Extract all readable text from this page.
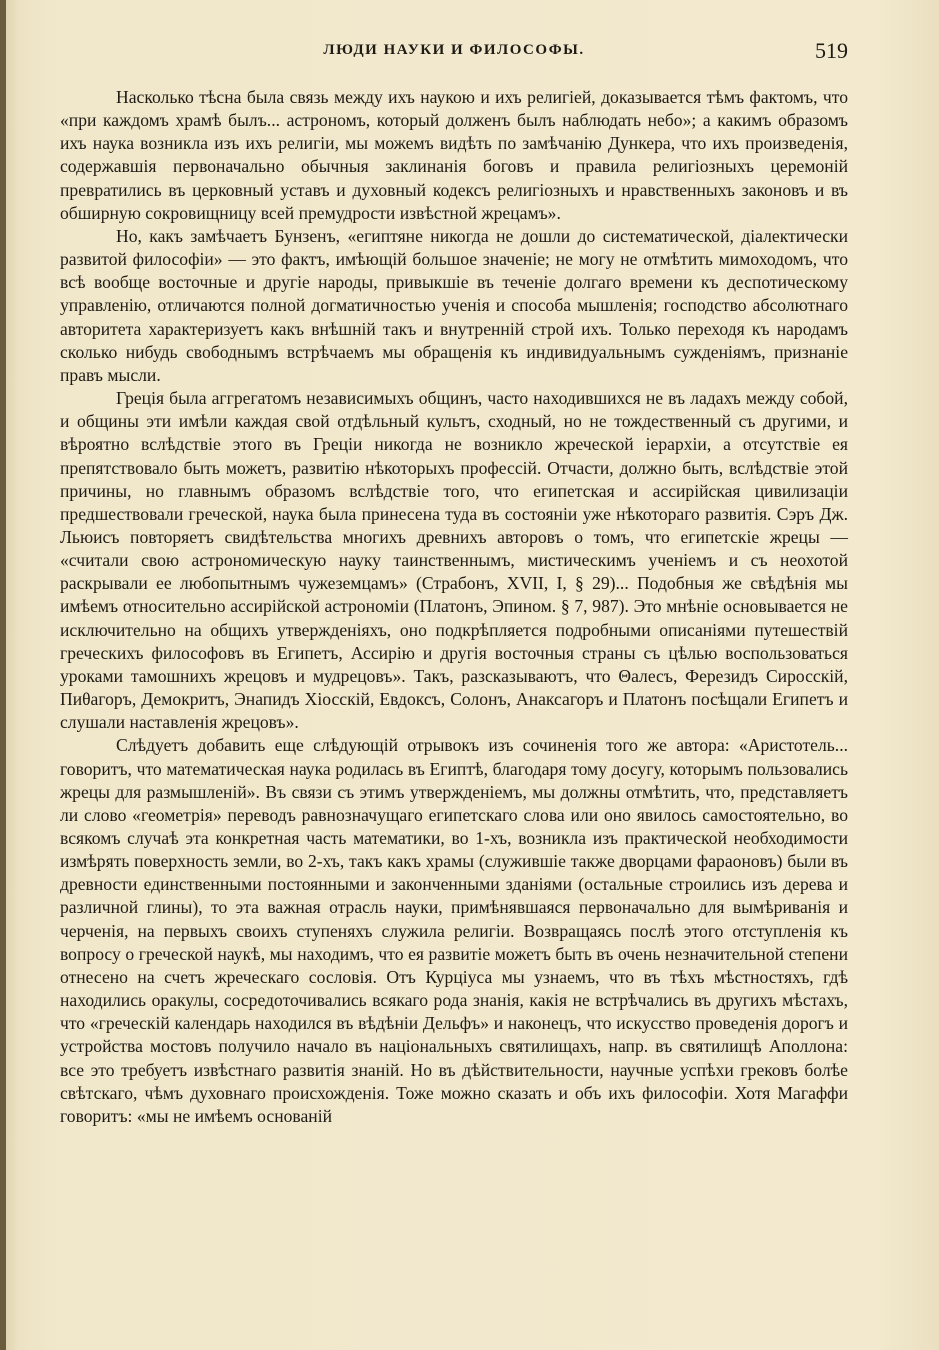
ЛЮДИ НАУКИ И ФИЛОСОФЫ.	519

Насколько тѣсна была связь между ихъ наукою и ихъ религіей, доказывается тѣмъ фактомъ, что «при каждомъ храмѣ былъ... астрономъ, который долженъ былъ наблюдать небо»; а какимъ образомъ ихъ наука возникла изъ ихъ религіи, мы можемъ видѣть по замѣчанію Дункера, что ихъ произведенія, содержавшія первоначально обычныя заклинанія боговъ и правила религіозныхъ церемоній превратились въ церковный уставъ и духовный кодексъ религіозныхъ и нравственныхъ законовъ и въ обширную сокровищницу всей премудрости извѣстной жрецамъ».

Но, какъ замѣчаетъ Бунзенъ, «египтяне никогда не дошли до систематической, діалектически развитой философіи» — это фактъ, имѣющій большое значеніе; не могу не отмѣтить мимоходомъ, что всѣ вообще восточные и другіе народы, привыкшіе въ теченіе долгаго времени къ деспотическому управленію, отличаются полной догматичностью ученія и способа мышленія; господство абсолютнаго авторитета характеризуетъ какъ внѣшній такъ и внутренній строй ихъ. Только переходя къ народамъ сколько нибудь свободнымъ встрѣчаемъ мы обращенія къ индивидуальнымъ сужденіямъ, признаніе правъ мысли.

Греція была аггрегатомъ независимыхъ общинъ, часто находившихся не въ ладахъ между собой, и общины эти имѣли каждая свой отдѣльный культъ, сходный, но не тождественный съ другими, и вѣроятно вслѣдствіе этого въ Греціи никогда не возникло жреческой іерархіи, а отсутствіе ея препятствовало быть можетъ, развитію нѣкоторыхъ профессій. Отчасти, должно быть, вслѣдствіе этой причины, но главнымъ образомъ вслѣдствіе того, что египетская и ассирійская цивилизаціи предшествовали греческой, наука была принесена туда въ состояніи уже нѣкотораго развитія. Сэръ Дж. Льюисъ повторяетъ свидѣтельства многихъ древнихъ авторовъ о томъ, что египетскіе жрецы — «считали свою астрономическую науку таинственнымъ, мистическимъ ученіемъ и съ неохотой раскрывали ее любопытнымъ чужеземцамъ» (Страбонъ, XVII, I, § 29)... Подобныя же свѣдѣнія мы имѣемъ относительно ассирійской астрономіи (Платонъ, Эпином. § 7, 987). Это мнѣніе основывается не исключительно на общихъ утвержденіяхъ, оно подкрѣпляется подробными описаніями путешествій греческихъ философовъ въ Египетъ, Ассирію и другія восточныя страны съ цѣлью воспользоваться уроками тамошнихъ жрецовъ и мудрецовъ». Такъ, разсказываютъ, что Θалесъ, Ферезидъ Сиросскій, Пиθагоръ, Демокритъ, Энапидъ Хіосскій, Евдоксъ, Солонъ, Анаксагоръ и Платонъ посѣщали Египетъ и слушали наставленія жрецовъ».

Слѣдуетъ добавить еще слѣдующій отрывокъ изъ сочиненія того же автора: «Аристотель... говоритъ, что математическая наука родилась въ Египтѣ, благодаря тому досугу, которымъ пользовались жрецы для размышленій». Въ связи съ этимъ утвержденіемъ, мы должны отмѣтить, что, представляетъ ли слово «геометрія» переводъ равнозначущаго египетскаго слова или оно явилось самостоятельно, во всякомъ случаѣ эта конкретная часть математики, во 1-хъ, возникла изъ практической необходимости измѣрять поверхность земли, во 2-хъ, такъ какъ храмы (служившіе также дворцами фараоновъ) были въ древности единственными постоянными и законченными зданіями (остальные строились изъ дерева и различной глины), то эта важная отрасль науки, примѣнявшаяся первоначально для вымѣриванія и черченія, на первыхъ своихъ ступеняхъ служила религіи. Возвращаясь послѣ этого отступленія къ вопросу о греческой наукѣ, мы находимъ, что ея развитіе можетъ быть въ очень незначительной степени отнесено на счетъ жреческаго сословія. Отъ Курціуса мы узнаемъ, что въ тѣхъ мѣстностяхъ, гдѣ находились оракулы, сосредоточивались всякаго рода знанія, какія не встрѣчались въ другихъ мѣстахъ, что «греческій календарь находился въ вѣдѣніи Дельфъ» и наконецъ, что искусство проведенія дорогъ и устройства мостовъ получило начало въ національныхъ святилищахъ, напр. въ святилищѣ Аполлона: все это требуетъ извѣстнаго развитія знаній. Но въ дѣйствительности, научные успѣхи грековъ болѣе свѣтскаго, чѣмъ духовнаго происхожденія. Тоже можно сказать и объ ихъ философіи. Хотя Магаффи говоритъ: «мы не имѣемъ основаній
